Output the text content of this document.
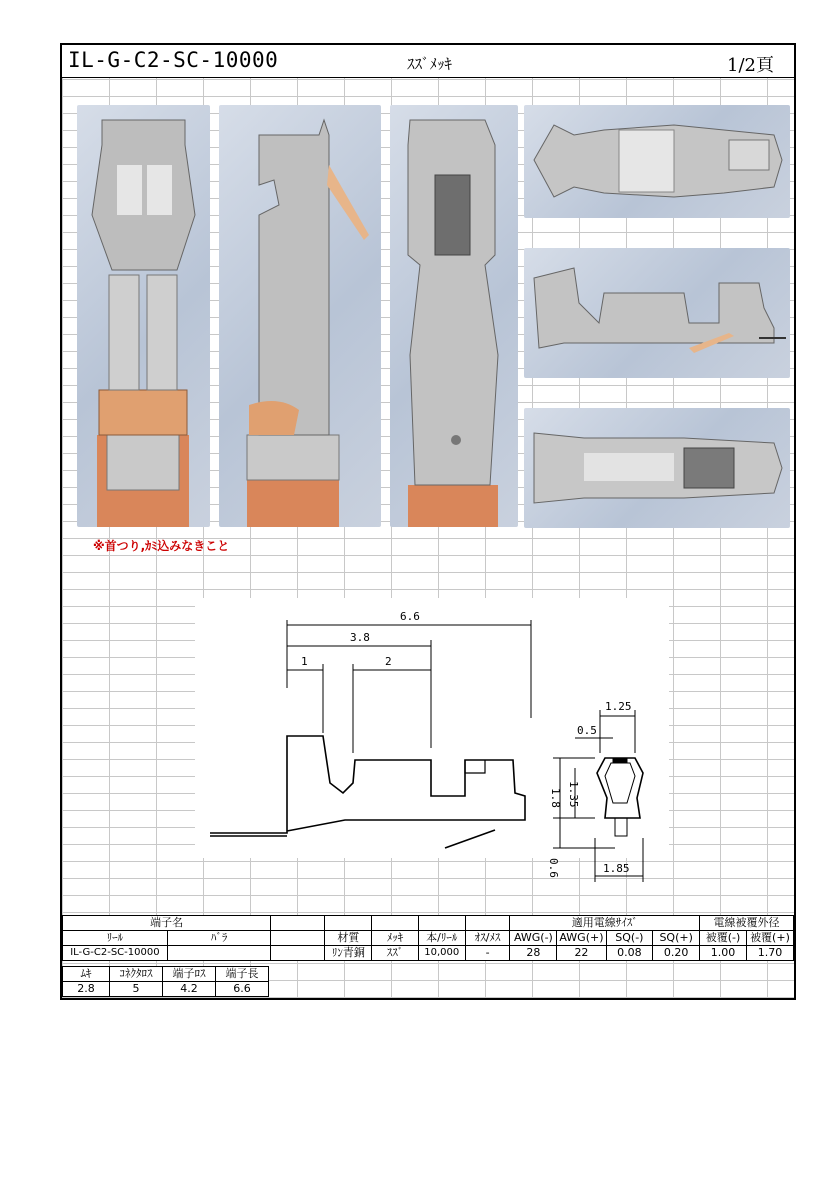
IL-G-C2-SC-10000	ｽｽﾞﾒｯｷ	1/2頁
※首つり,ｶﾐ込みなきこと
6.6
3.8
1	2
1.25
0.5
1.8 1.35
0.6	1.85
端子名							適用電線ｻｲｽﾞ				電線被覆外径	
ﾘｰﾙ	ﾊﾞﾗ		材質	ﾒｯｷ	本/ﾘｰﾙ	ｵｽ/ﾒｽ	AWG(-)	AWG(+)	SQ(-)	SQ(+)	被覆(-)	被覆(+)
IL-G-C2-SC-10000			ﾘﾝ青銅	ｽｽﾞ	10,000	-	28	22	0.08	0.20	1.00	1.70
ﾑｷ	ｺﾈｸﾀﾛｽ	端子ﾛｽ	端子長
2.8	5	4.2	6.6
